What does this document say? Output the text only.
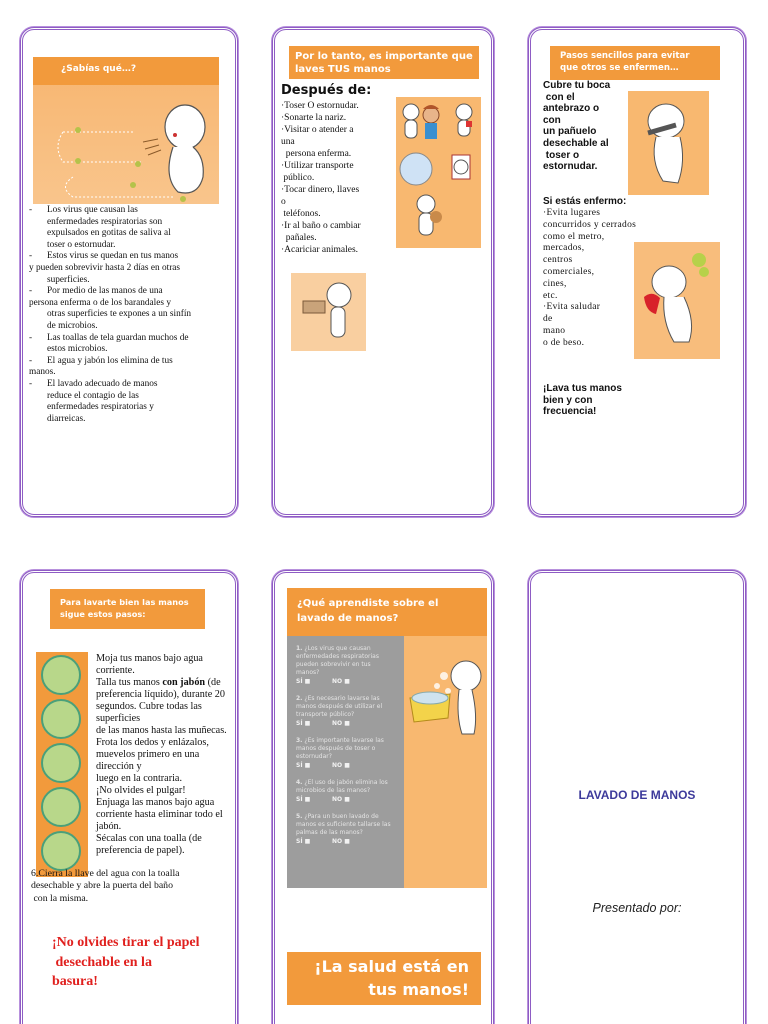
¿Sabías qué…?
- Los virus que causan las
enfermedades respiratorias son
expulsados en gotitas de saliva al
toser o estornudar.
- Estos virus se quedan en tus manos
y pueden sobrevivir hasta 2 días en otras
superficies.
- Por medio de las manos de una
persona enferma o de los barandales y
otras superficies te expones a un sinfín
de microbios.
- Las toallas de tela guardan muchos de
estos microbios.
- El agua y jabón los elimina de tus
manos.
- El lavado adecuado de manos
reduce el contagio de las
enfermedades respiratorias y
diarreicas.
Por lo tanto, es importante que laves TUS manos
Después de:
·Toser O estornudar.
·Sonarte la nariz.
·Visitar o atender a
una
persona enferma.
·Utilizar transporte
público.
·Tocar dinero, llaves
o
teléfonos.
·Ir al baño o cambiar
pañales.
·Acariciar animales.
Pasos sencillos para evitar que otros se enfermen…
Cubre tu boca
con el
antebrazo o
con
un pañuelo
desechable al
toser o
estornudar.
Si estás enfermo:
·Evita lugares
concurridos y cerrados
como el metro,
mercados,
centros
comerciales,
cines,
etc.
·Evita saludar
de
mano
o de beso.
¡Lava tus manos
bien y con
frecuencia!
Para lavarte bien las manos sigue estos pasos:
Moja tus manos bajo agua
corriente.
Talla tus manos con jabón (de
preferencia líquido), durante 20
segundos. Cubre todas las
superficies
de las manos hasta las muñecas.
Frota los dedos y enlázalos,
muevelos primero en una
dirección y
luego en la contraria.
¡No olvides el pulgar!
Enjuaga las manos bajo agua
corriente hasta eliminar todo el
jabón.
Sécalas con una toalla (de
preferencia de papel).
6.Cierra la llave del agua con la toalla
desechable y abre la puerta del baño
con la misma.
¡No olvides tirar el papel
desechable en la
basura!
¿Qué aprendiste sobre el lavado de manos?
1. ¿Los virus que causan enfermedades respiratorias pueden sobrevivir en tus manos?
SÍ ■	NO ■
2. ¿Es necesario lavarse las manos después de utilizar el transporte público?
SÍ ■	NO ■
3. ¿Es importante lavarse las manos después de toser o estornudar?
SÍ ■	NO ■
4. ¿El uso de jabón elimina los microbios de las manos?
SÍ ■	NO ■
5. ¿Para un buen lavado de manos es suficiente tallarse las palmas de las manos?
SÍ ■	NO ■
¡La salud está en
tus manos!
LAVADO DE MANOS
Presentado por:
